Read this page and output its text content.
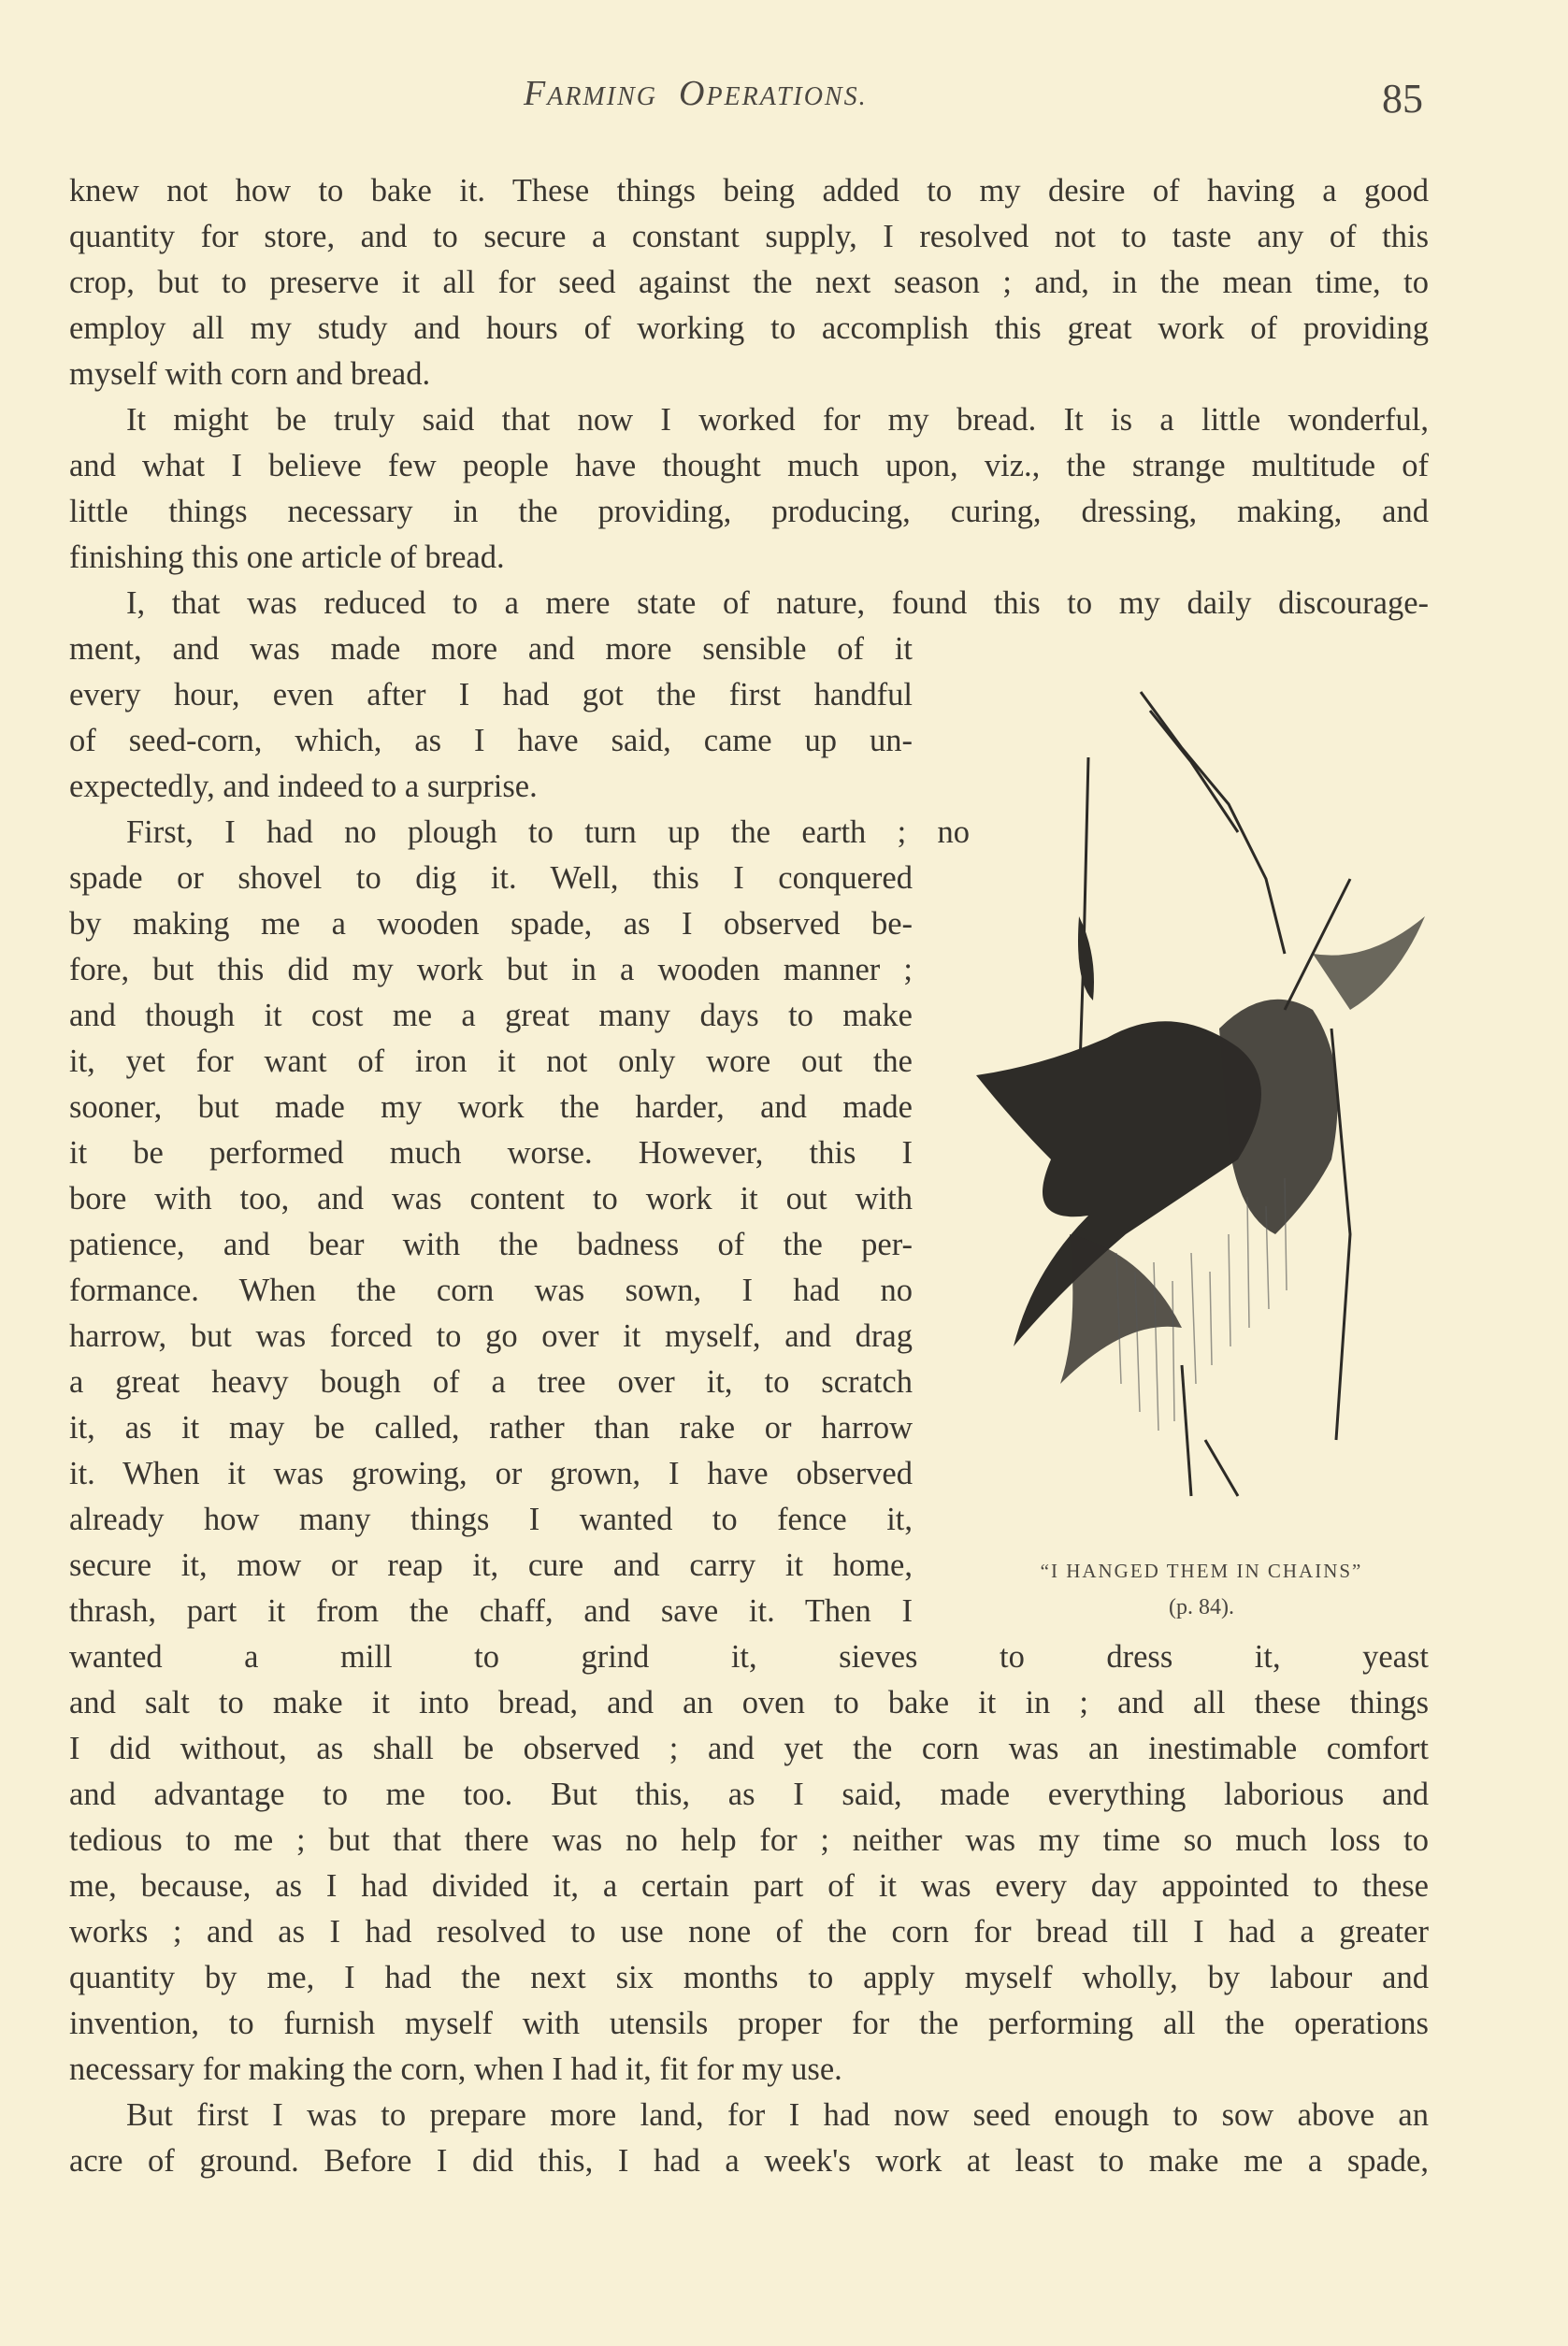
FARMING OPERATIONS.	85
knew not how to bake it. These things being added to my desire of having a good
quantity for store, and to secure a constant supply, I resolved not to taste any of this
crop, but to preserve it all for seed against the next season ; and, in the mean time, to
employ all my study and hours of working to accomplish this great work of providing
myself with corn and bread.
It might be truly said that now I worked for my bread. It is a little wonderful,
and what I believe few people have thought much upon, viz., the strange multitude of
little things necessary in the providing, producing, curing, dressing, making, and
finishing this one article of bread.
I, that was reduced to a mere state of nature, found this to my daily discourage-
ment, and was made more and more sensible of it
every hour, even after I had got the first handful
of seed-corn, which, as I have said, came up un-
expectedly, and indeed to a surprise.
First, I had no plough to turn up the earth ; no
spade or shovel to dig it. Well, this I conquered
by making me a wooden spade, as I observed be-
fore, but this did my work but in a wooden manner ;
and though it cost me a great many days to make
it, yet for want of iron it not only wore out the
sooner, but made my work the harder, and made
it be performed much worse. However, this I
bore with too, and was content to work it out with
patience, and bear with the badness of the per-
formance. When the corn was sown, I had no
harrow, but was forced to go over it myself, and drag
a great heavy bough of a tree over it, to scratch
it, as it may be called, rather than rake or harrow
it. When it was growing, or grown, I have observed
already how many things I wanted to fence it,
secure it, mow or reap it, cure and carry it home,
thrash, part it from the chaff, and save it. Then I
wanted a mill to grind it, sieves to dress it, yeast
and salt to make it into bread, and an oven to bake it in ; and all these things
I did without, as shall be observed ; and yet the corn was an inestimable comfort
and advantage to me too. But this, as I said, made everything laborious and
tedious to me ; but that there was no help for ; neither was my time so much loss to
me, because, as I had divided it, a certain part of it was every day appointed to these
works ; and as I had resolved to use none of the corn for bread till I had a greater
quantity by me, I had the next six months to apply myself wholly, by labour and
invention, to furnish myself with utensils proper for the performing all the operations
necessary for making the corn, when I had it, fit for my use.
But first I was to prepare more land, for I had now seed enough to sow above an
acre of ground. Before I did this, I had a week's work at least to make me a spade,
“I HANGED THEM IN CHAINS”
(p. 84).
